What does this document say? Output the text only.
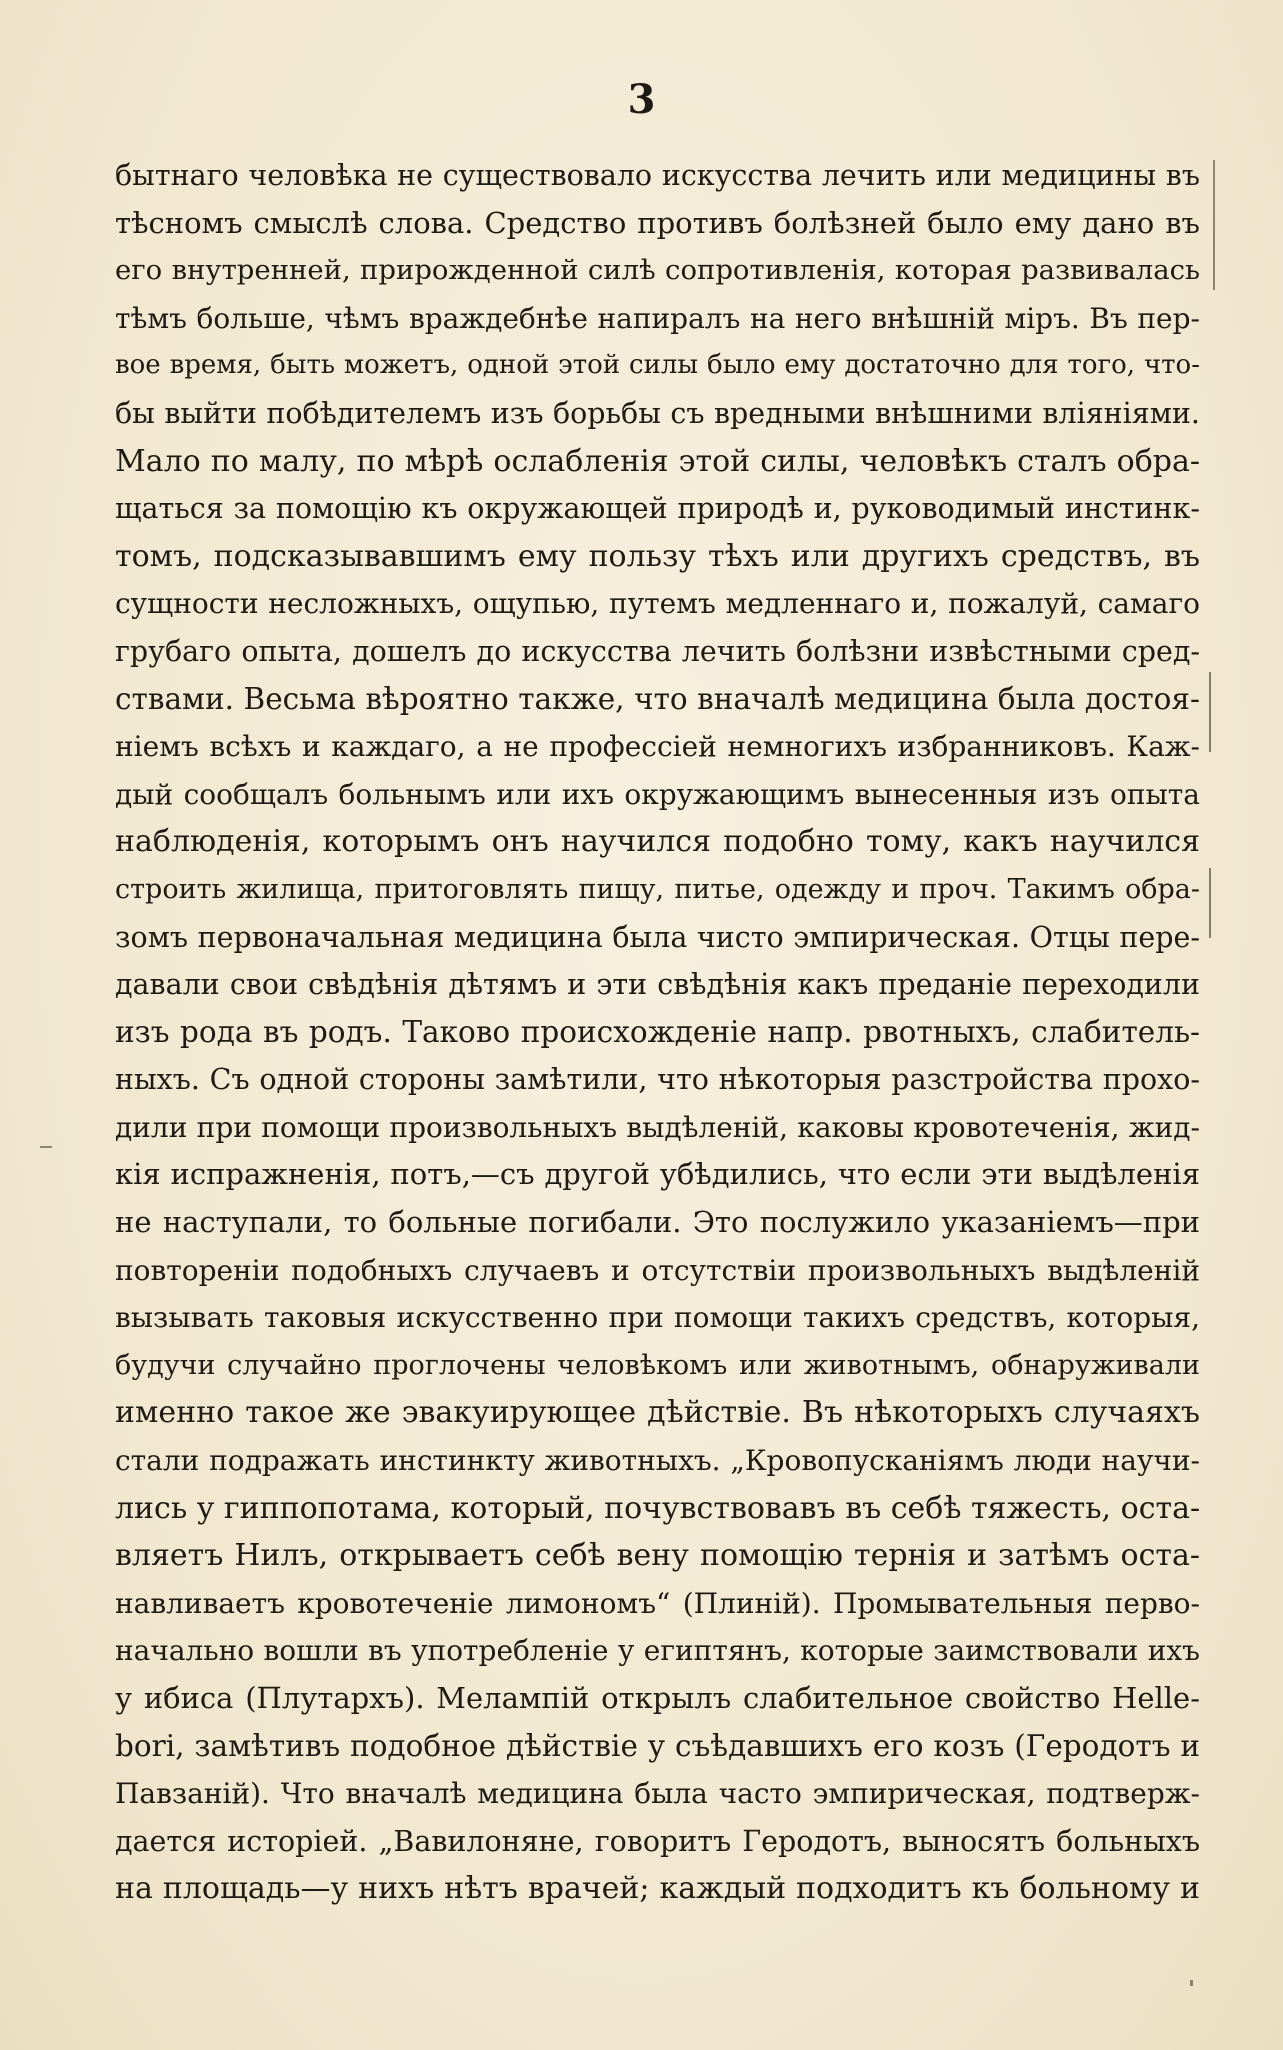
3
бытнаго человѣка не существовало искусства лечить или медицины въ
тѣсномъ смыслѣ слова. Средство противъ болѣзней было ему дано въ
его внутренней, прирожденной силѣ сопротивленія, которая развивалась
тѣмъ больше, чѣмъ враждебнѣе напиралъ на него внѣшній міръ. Въ пер-
вое время, быть можетъ, одной этой силы было ему достаточно для того, что-
бы выйти побѣдителемъ изъ борьбы съ вредными внѣшними вліяніями.
Мало по малу, по мѣрѣ ослабленія этой силы, человѣкъ сталъ обра-
щаться за помощію къ окружающей природѣ и, руководимый инстинк-
томъ, подсказывавшимъ ему пользу тѣхъ или другихъ средствъ, въ
сущности несложныхъ, ощупью, путемъ медленнаго и, пожалуй, самаго
грубаго опыта, дошелъ до искусства лечить болѣзни извѣстными сред-
ствами. Весьма вѣроятно также, что вначалѣ медицина была достоя-
ніемъ всѣхъ и каждаго, а не профессіей немногихъ избранниковъ. Каж-
дый сообщалъ больнымъ или ихъ окружающимъ вынесенныя изъ опыта
наблюденія, которымъ онъ научился подобно тому, какъ научился
строить жилища, притоговлять пищу, питье, одежду и проч. Такимъ обра-
зомъ первоначальная медицина была чисто эмпирическая. Отцы пере-
давали свои свѣдѣнія дѣтямъ и эти свѣдѣнія какъ преданіе переходили
изъ рода въ родъ. Таково происхожденіе напр. рвотныхъ, слабитель-
ныхъ. Съ одной стороны замѣтили, что нѣкоторыя разстройства прохо-
дили при помощи произвольныхъ выдѣленій, каковы кровотеченія, жид-
кія испражненія, потъ,—съ другой убѣдились, что если эти выдѣленія
не наступали, то больные погибали. Это послужило указаніемъ—при
повтореніи подобныхъ случаевъ и отсутствіи произвольныхъ выдѣленій
вызывать таковыя искусственно при помощи такихъ средствъ, которыя,
будучи случайно проглочены человѣкомъ или животнымъ, обнаруживали
именно такое же эвакуирующее дѣйствіе. Въ нѣкоторыхъ случаяхъ
стали подражать инстинкту животныхъ. „Кровопусканіямъ люди научи-
лись у гиппопотама, который, почувствовавъ въ себѣ тяжесть, оста-
вляетъ Нилъ, открываетъ себѣ вену помощію тернія и затѣмъ оста-
навливаетъ кровотеченіе лимономъ“ (Плиній). Промывательныя перво-
начально вошли въ употребленіе у египтянъ, которые заимствовали ихъ
у ибиса (Плутархъ). Мелампій открылъ слабительное свойство Helle-
bori, замѣтивъ подобное дѣйствіе у съѣдавшихъ его козъ (Геродотъ и
Павзаній). Что вначалѣ медицина была часто эмпирическая, подтверж-
дается исторіей. „Вавилоняне, говоритъ Геродотъ, выносятъ больныхъ
на площадь—у нихъ нѣтъ врачей; каждый подходитъ къ больному и
